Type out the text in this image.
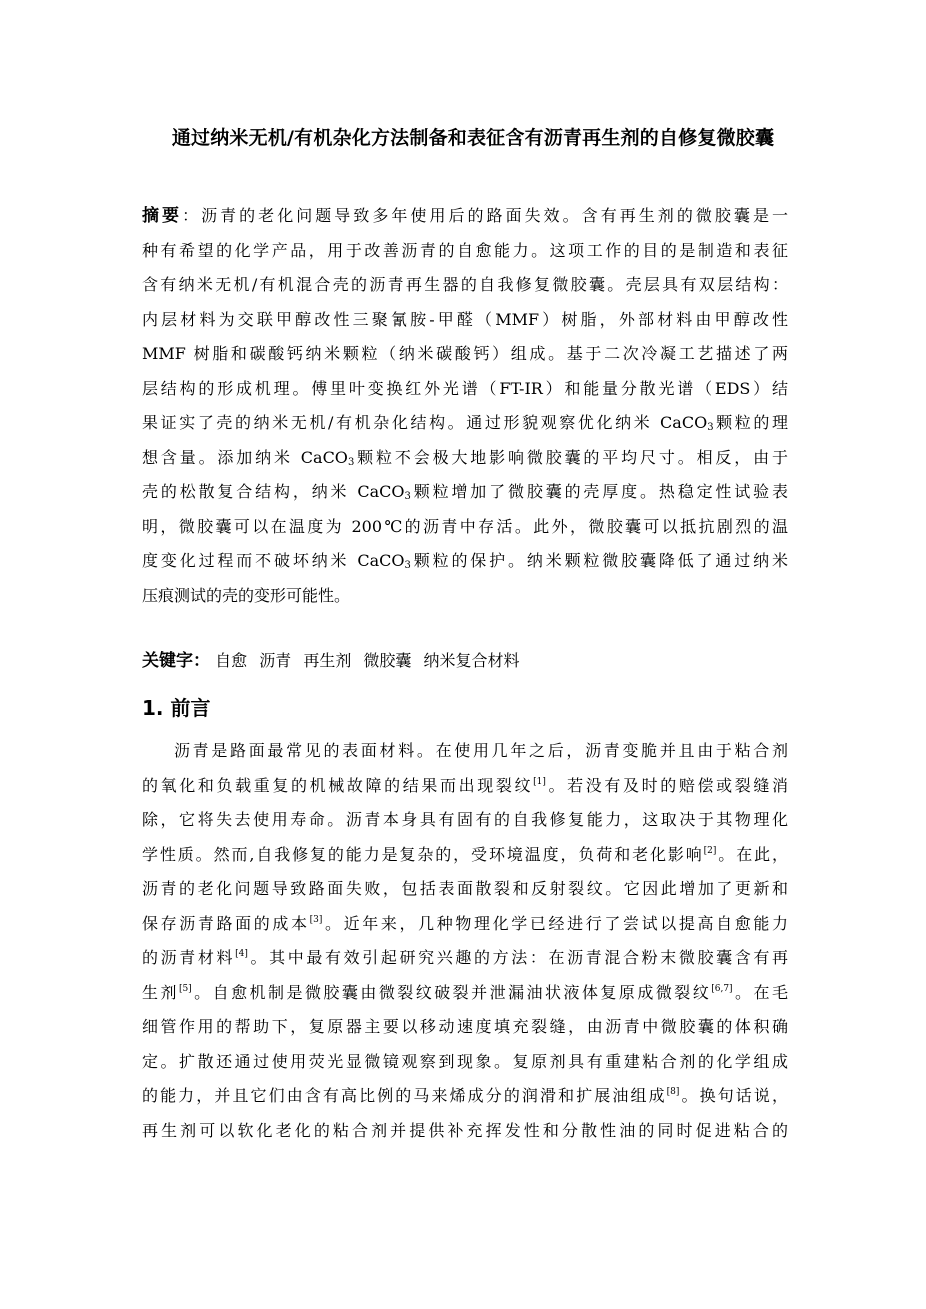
通过纳米无机/有机杂化方法制备和表征含有沥青再生剂的自修复微胶囊
摘要：沥青的老化问题导致多年使用后的路面失效。含有再生剂的微胶囊是一
种有希望的化学产品，用于改善沥青的自愈能力。这项工作的目的是制造和表征
含有纳米无机/有机混合壳的沥青再生器的自我修复微胶囊。壳层具有双层结构：
内层材料为交联甲醇改性三聚氰胺-甲醛（MMF）树脂，外部材料由甲醇改性
MMF 树脂和碳酸钙纳米颗粒（纳米碳酸钙）组成。基于二次冷凝工艺描述了两
层结构的形成机理。傅里叶变换红外光谱（FT-IR）和能量分散光谱（EDS）结
果证实了壳的纳米无机/有机杂化结构。通过形貌观察优化纳米 CaCO$_3$颗粒的理
想含量。添加纳米 CaCO$_3$颗粒不会极大地影响微胶囊的平均尺寸。相反，由于
壳的松散复合结构，纳米 CaCO$_3$颗粒增加了微胶囊的壳厚度。热稳定性试验表
明，微胶囊可以在温度为 200℃的沥青中存活。此外，微胶囊可以抵抗剧烈的温
度变化过程而不破坏纳米 CaCO$_3$颗粒的保护。纳米颗粒微胶囊降低了通过纳米
压痕测试的壳的变形可能性。
关键字： 自愈 沥青 再生剂 微胶囊 纳米复合材料
1. 前言
沥青是路面最常见的表面材料。在使用几年之后，沥青变脆并且由于粘合剂
的氧化和负载重复的机械故障的结果而出现裂纹[1]。若没有及时的赔偿或裂缝消
除，它将失去使用寿命。沥青本身具有固有的自我修复能力，这取决于其物理化
学性质。然而,自我修复的能力是复杂的，受环境温度，负荷和老化影响[2]。在此，
沥青的老化问题导致路面失败，包括表面散裂和反射裂纹。它因此增加了更新和
保存沥青路面的成本[3]。近年来，几种物理化学已经进行了尝试以提高自愈能力
的沥青材料[4]。其中最有效引起研究兴趣的方法：在沥青混合粉末微胶囊含有再
生剂[5]。自愈机制是微胶囊由微裂纹破裂并泄漏油状液体复原成微裂纹[6,7]。在毛
细管作用的帮助下，复原器主要以移动速度填充裂缝，由沥青中微胶囊的体积确
定。扩散还通过使用荧光显微镜观察到现象。复原剂具有重建粘合剂的化学组成
的能力，并且它们由含有高比例的马来烯成分的润滑和扩展油组成[8]。换句话说，
再生剂可以软化老化的粘合剂并提供补充挥发性和分散性油的同时促进粘合的
